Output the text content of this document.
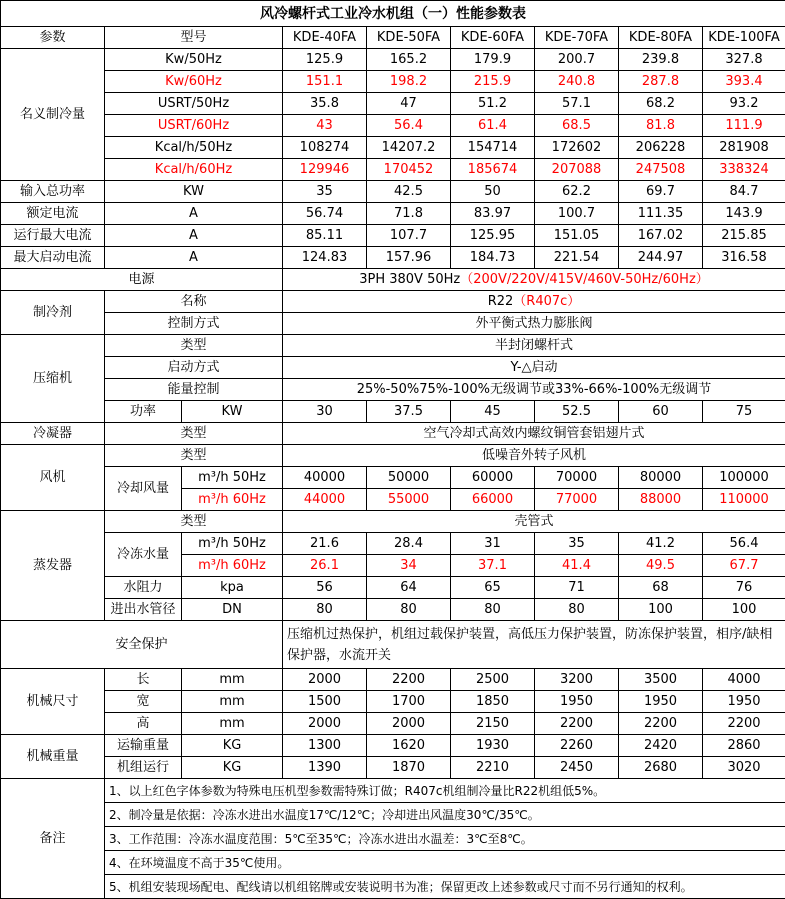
风冷螺杆式工业冷水机组（一）性能参数表								
参数	型号		KDE-40FA	KDE-50FA	KDE-60FA	KDE-70FA	KDE-80FA	KDE-100FA
名义制冷量	Kw/50Hz		125.9	165.2	179.9	200.7	239.8	327.8
	Kw/60Hz		151.1	198.2	215.9	240.8	287.8	393.4
	USRT/50Hz		35.8	47	51.2	57.1	68.2	93.2
	USRT/60Hz		43	56.4	61.4	68.5	81.8	111.9
	Kcal/h/50Hz		108274	14207.2	154714	172602	206228	281908
	Kcal/h/60Hz		129946	170452	185674	207088	247508	338324
输入总功率	KW		35	42.5	50	62.2	69.7	84.7
额定电流	A		56.74	71.8	83.97	100.7	111.35	143.9
运行最大电流	A		85.11	107.7	125.95	151.05	167.02	215.85
最大启动电流	A		124.83	157.96	184.73	221.54	244.97	316.58
电源			3PH 380V 50Hz（200V/220V/415V/460V-50Hz/60Hz）					
制冷剂	名称		R22（R407c）					
	控制方式		外平衡式热力膨胀阀					
压缩机	类型		半封闭螺杆式					
	启动方式		Y-△启动					
	能量控制		25%-50%75%-100%无级调节或33%-66%-100%无级调节					
	功率	KW	30	37.5	45	52.5	60	75
冷凝器	类型		空气冷却式高效内螺纹铜管套铝翅片式					
风机	类型		低噪音外转子风机					
	冷却风量	m³/h 50Hz	40000	50000	60000	70000	80000	100000
		m³/h 60Hz	44000	55000	66000	77000	88000	110000
蒸发器	类型		壳管式					
	冷冻水量	m³/h 50Hz	21.6	28.4	31	35	41.2	56.4
		m³/h 60Hz	26.1	34	37.1	41.4	49.5	67.7
	水阻力	kpa	56	64	65	71	68	76
	进出水管径	DN	80	80	80	80	100	100
安全保护			压缩机过热保护，机组过载保护装置，高低压力保护装置，防冻保护装置，相序/缺相保护器，水流开关					
机械尺寸	长	mm	2000	2200	2500	3200	3500	4000
	宽	mm	1500	1700	1850	1950	1950	1950
	高	mm	2000	2000	2150	2200	2200	2200
机械重量	运输重量	KG	1300	1620	1930	2260	2420	2860
	机组运行	KG	1390	1870	2210	2450	2680	3020
备注	1、以上红色字体参数为特殊电压机型参数需特殊订做；R407c机组制冷量比R22机组低5%。							
	2、制冷量是依据：冷冻水进出水温度17℃/12℃；冷却进出风温度30℃/35℃。							
	3、工作范围：冷冻水温度范围：5℃至35℃；冷冻水进出水温差：3℃至8℃。							
	4、在环境温度不高于35℃使用。							
	5、机组安装现场配电、配线请以机组铭牌或安装说明书为准；保留更改上述参数或尺寸而不另行通知的权利。							
